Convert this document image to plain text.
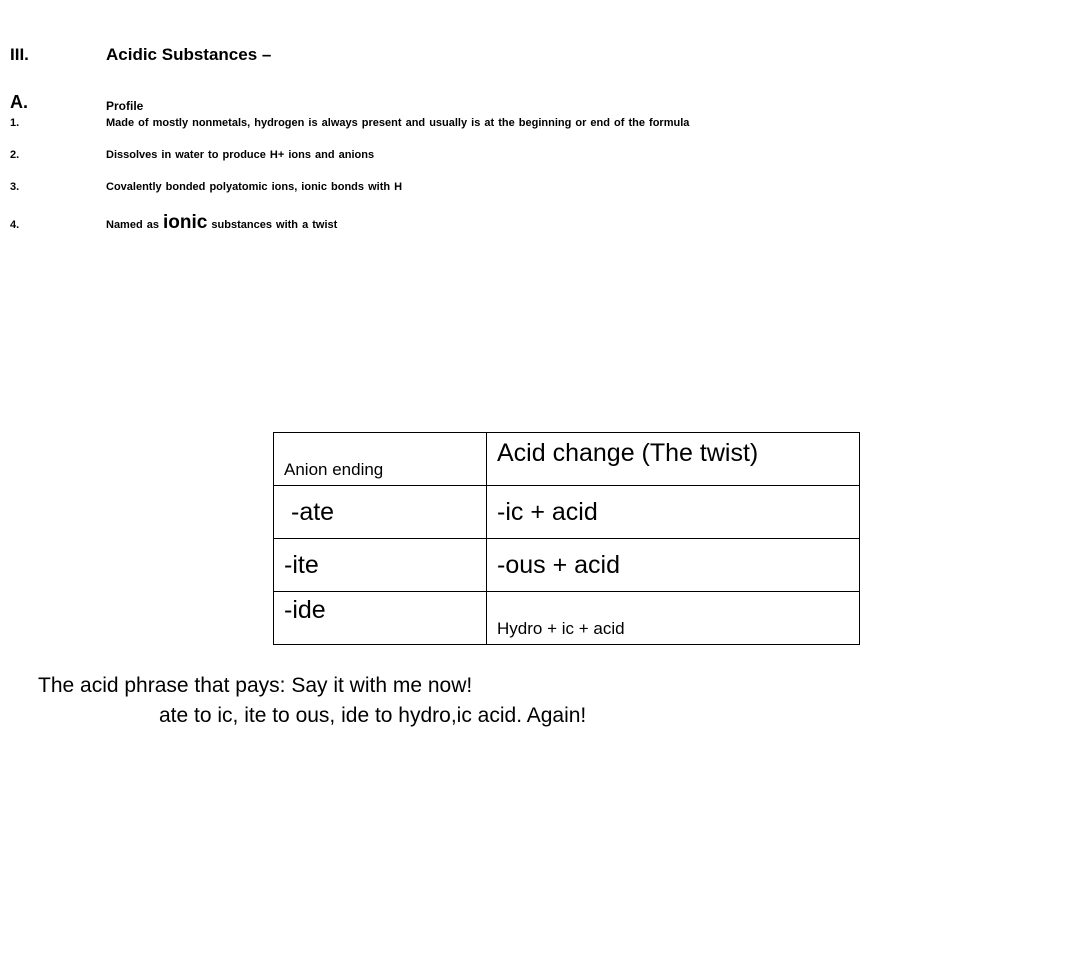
III.	Acidic Substances –
A.	Profile
1.	Made of mostly nonmetals, hydrogen is always present and usually is at the beginning or end of the formula
2.	Dissolves in water to produce H+ ions and anions
3.	Covalently bonded polyatomic ions, ionic bonds with H
4.	Named as ionic substances with a twist
Anion ending	Acid change (The twist)
-ate	-ic + acid
-ite	-ous + acid
-ide	Hydro + ic + acid
The acid phrase that pays: Say it with me now!
ate to ic, ite to ous, ide to hydro,ic acid. Again!
